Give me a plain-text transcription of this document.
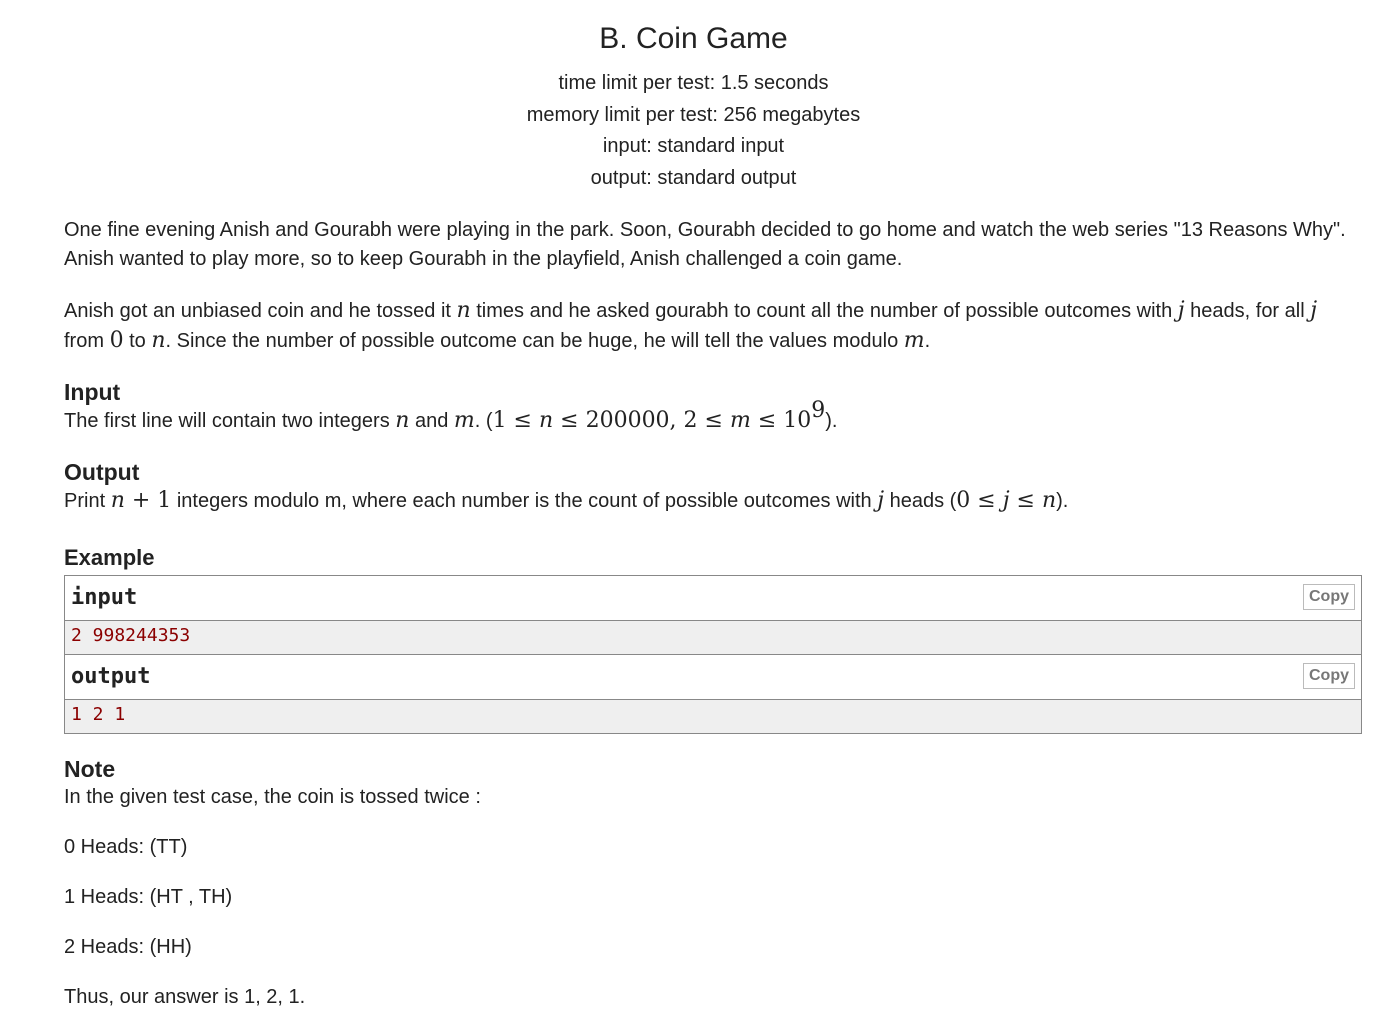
B. Coin Game
time limit per test: 1.5 seconds
memory limit per test: 256 megabytes
input: standard input
output: standard output

One fine evening Anish and Gourabh were playing in the park. Soon, Gourabh decided to go home and watch the web series "13 Reasons Why". Anish wanted to play more, so to keep Gourabh in the playfield, Anish challenged a coin game.

Anish got an unbiased coin and he tossed it n times and he asked gourabh to count all the number of possible outcomes with j heads, for all j from 0 to n. Since the number of possible outcome can be huge, he will tell the values modulo m.

Input

The first line will contain two integers n and m. (1 ≤ n ≤ 200000, $2 \le m \le 10^9$).

Output

Print n + 1 integers modulo m, where each number is the count of possible outcomes with j heads (0 ≤ j ≤ n).

Example
input	Copy
2 998244353
output	Copy
1 2 1
Note

In the given test case, the coin is tossed twice :

0 Heads: (TT)

1 Heads: (HT , TH)

2 Heads: (HH)

Thus, our answer is 1, 2, 1.
